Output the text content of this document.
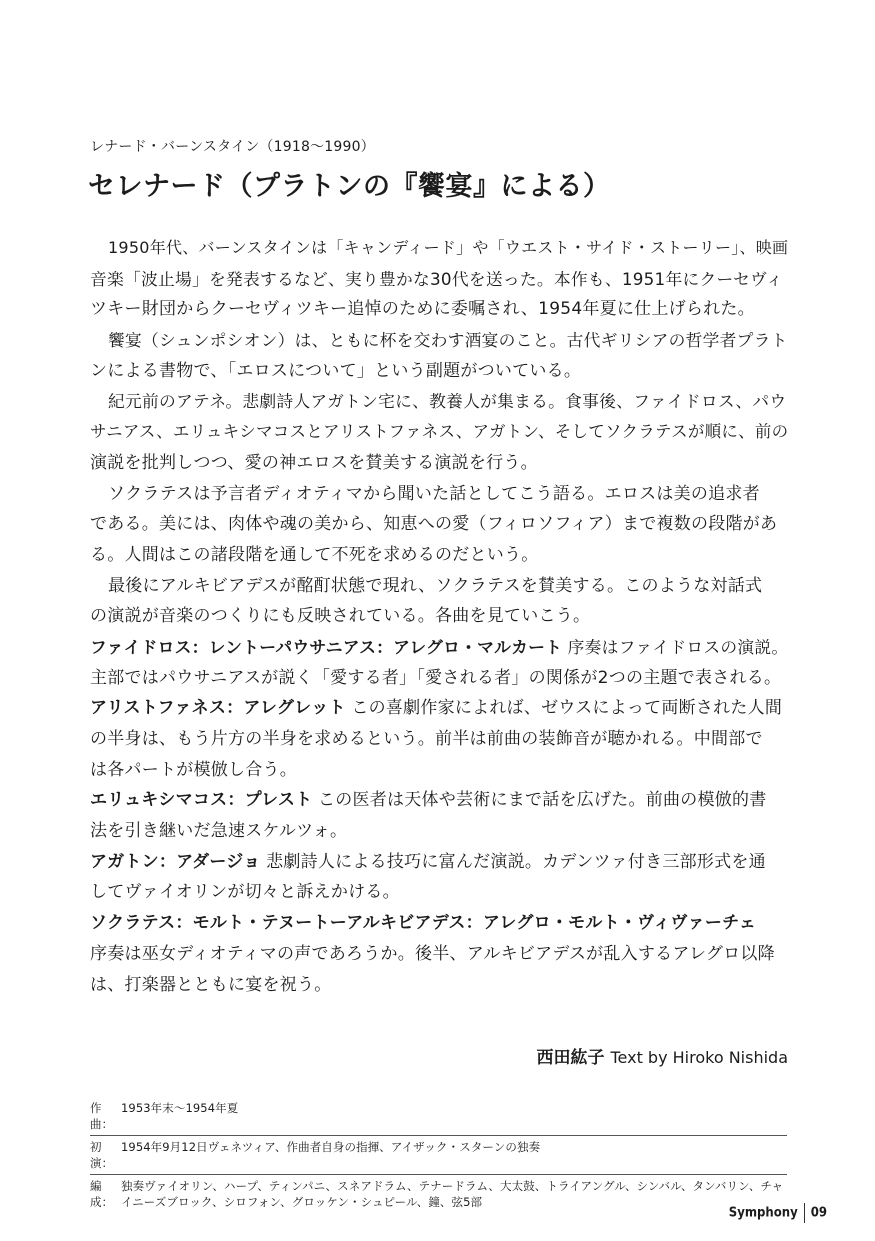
レナード・バーンスタイン（1918〜1990）
セレナード（プラトンの『饗宴』による）
1950年代、バーンスタインは「キャンディード」や「ウエスト・サイド・ストーリー」、映画
音楽「波止場」を発表するなど、実り豊かな30代を送った。本作も、1951年にクーセヴィ
ツキー財団からクーセヴィツキー追悼のために委嘱され、1954年夏に仕上げられた。
饗宴（シュンポシオン）は、ともに杯を交わす酒宴のこと。古代ギリシアの哲学者プラト
ンによる書物で、「エロスについて」という副題がついている。
紀元前のアテネ。悲劇詩人アガトン宅に、教養人が集まる。食事後、ファイドロス、パウ
サニアス、エリュキシマコスとアリストファネス、アガトン、そしてソクラテスが順に、前の
演説を批判しつつ、愛の神エロスを賛美する演説を行う。
ソクラテスは予言者ディオティマから聞いた話としてこう語る。エロスは美の追求者
である。美には、肉体や魂の美から、知恵への愛（フィロソフィア）まで複数の段階があ
る。人間はこの諸段階を通して不死を求めるのだという。
最後にアルキビアデスが酩酊状態で現れ、ソクラテスを賛美する。このような対話式
の演説が音楽のつくりにも反映されている。各曲を見ていこう。
ファイドロス：レントーパウサニアス：アレグロ・マルカート 序奏はファイドロスの演説。
主部ではパウサニアスが説く「愛する者」「愛される者」の関係が2つの主題で表される。
アリストファネス：アレグレット この喜劇作家によれば、ゼウスによって両断された人間
の半身は、もう片方の半身を求めるという。前半は前曲の装飾音が聴かれる。中間部で
は各パートが模倣し合う。
エリュキシマコス：プレスト この医者は天体や芸術にまで話を広げた。前曲の模倣的書
法を引き継いだ急速スケルツォ。
アガトン：アダージョ 悲劇詩人による技巧に富んだ演説。カデンツァ付き三部形式を通
してヴァイオリンが切々と訴えかける。
ソクラテス：モルト・テヌートーアルキビアデス：アレグロ・モルト・ヴィヴァーチェ
序奏は巫女ディオティマの声であろうか。後半、アルキビアデスが乱入するアレグロ以降
は、打楽器とともに宴を祝う。
西田紘子 Text by Hiroko Nishida
作曲：1953年末〜1954年夏
初演：1954年9月12日ヴェネツィア、作曲者自身の指揮、アイザック・スターンの独奏
編成：独奏ヴァイオリン、ハープ、ティンパニ、スネアドラム、テナードラム、大太鼓、トライアングル、シンバル、タンバリン、チャイニーズブロック、シロフォン、グロッケン・シュピール、鐘、弦5部
Symphony 09
